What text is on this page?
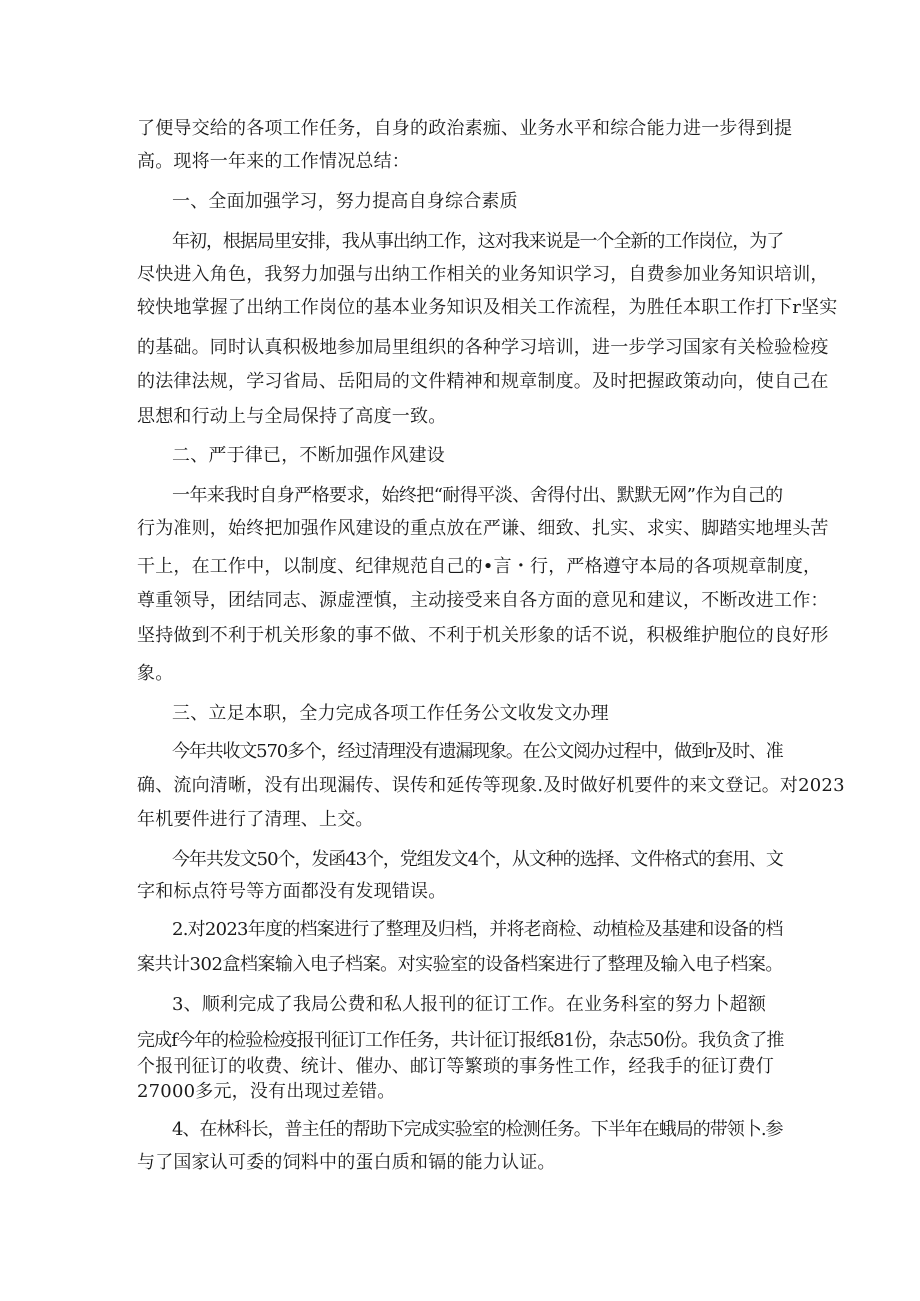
了便导交给的各项工作任务，自身的政治素痂、业务水平和综合能力进一步得到提
高。现将一年来的工作情况总结：
一、全面加强学习，努力提高自身综合素质
年初，根据局里安排，我从事出纳工作，这对我来说是一个全新的工作岗位，为了
尽快进入角色，我努力加强与出纳工作相关的业务知识学习，自费参加业务知识培训，
较快地掌握了出纳工作岗位的基本业务知识及相关工作流程，为胜任本职工作打下r坚实
的基础。同时认真积极地参加局里组织的各种学习培训，进一步学习国家有关检验检疫
的法律法规，学习省局、岳阳局的文件精神和规章制度。及时把握政策动向，使自己在
思想和行动上与全局保持了高度一致。
二、严于律已，不断加强作风建设
一年来我时自身严格要求，始终把“耐得平淡、舍得付出、默默无网”作为自己的
行为准则，始终把加强作风建设的重点放在严谦、细致、扎实、求实、脚踏实地埋头苦
干上，在工作中，以制度、纪律规范自己的•言・行，严格遵守本局的各项规章制度，
尊重领导，团结同志、源虚湮慎，主动接受来自各方面的意见和建议，不断改进工作：
坚持做到不利于机关形象的事不做、不利于机关形象的话不说，积极维护胞位的良好形
象。
三、立足本职，全力完成各项工作任务公文收发文办理
今年共收文570多个，经过清理没有遗漏现象。在公文阅办过程中，做到r及时、准
确、流向清晰，没有出现漏传、误传和延传等现象.及时做好机要件的来文登记。对2023
年机要件进行了清理、上交。
今年共发文50个，发函43个，党组发文4个，从文种的选择、文件格式的套用、文
字和标点符号等方面都没有发现错误。
2.对2023年度的档案进行了整理及归档，并将老商检、动植检及基建和设备的档
案共计302盒档案输入电子档案。对实验室的设备档案进行了整理及输入电子档案。
3、顺利完成了我局公费和私人报刊的征订工作。在业务科室的努力卜超额
完成f今年的检验检疫报刊征订工作任务，共计征订报纸81份，杂志50份。我负贪了推
个报刊征订的收费、统计、催办、邮订等繁琐的事务性工作，经我手的征订费仃
27000多元，没有出现过差错。
4、在林科长，普主任的帮助下完成实验室的检测任务。下半年在蛾局的带领卜.参
与了国家认可委的饲料中的蛋白质和镉的能力认证。
